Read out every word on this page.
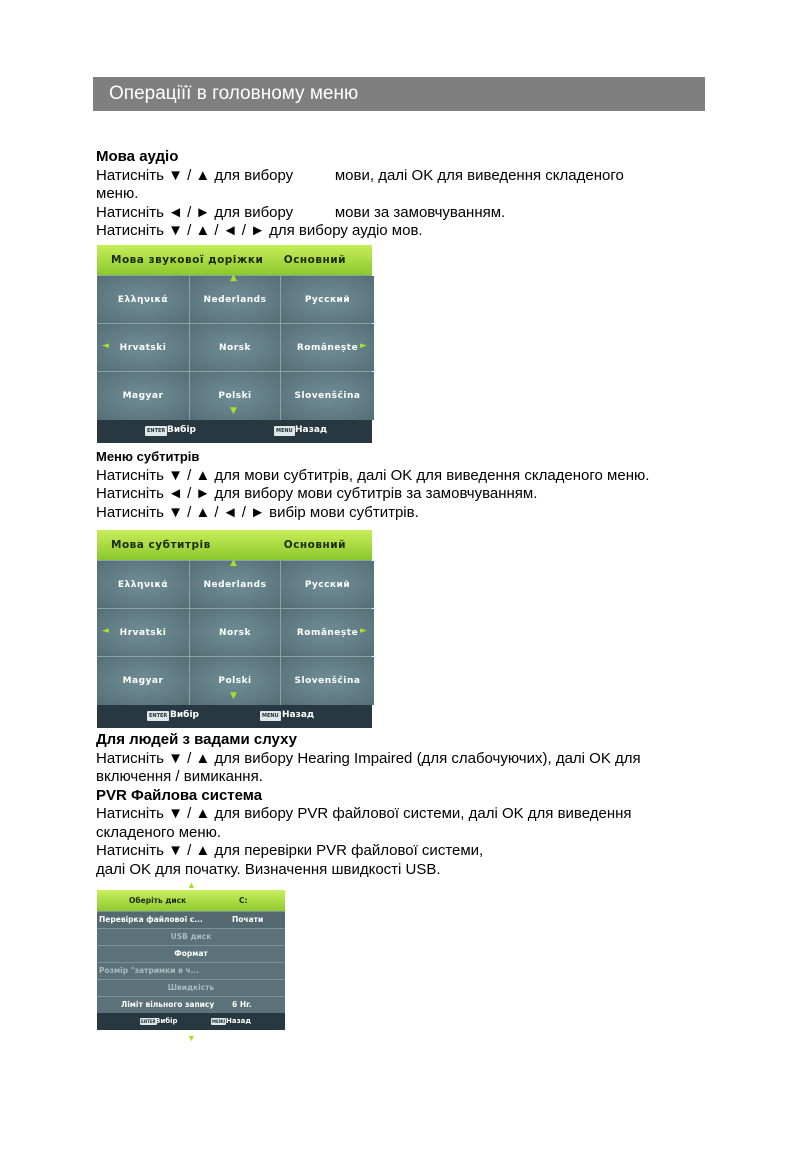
Операціїї в головному меню

Мова аудіо

Натисніть ▼ / ▲ для вибору          мови, далі OK для виведення складеного

меню.

Натисніть ◄ / ► для вибору          мови за замовчуванням.

Натисніть ▼ / ▲ / ◄ / ► для вибору аудіо мов.

Мова звукової доріжки Основний
Ελληνικά	Nederlands	Русский
Hrvatski	Norsk	Românește
Magyar	Polski	Slovenščina
▲
▼
◄	►
ENTER Вибір	MENU Назад

Меню субтитрів

Натисніть ▼ / ▲ для мови субтитрів, далі OK для виведення складеного меню.

Натисніть ◄ / ► для вибору мови субтитрів за замовчуванням.

Натисніть ▼ / ▲ / ◄ / ► вибір мови субтитрів.

Мова субтитрів	Основний
Ελληνικά	Nederlands	Русский
Hrvatski	Norsk	Românește
Magyar	Polski	Slovenščina
▲
▼
◄	►
ENTER Вибір	MENU Назад

Для людей з вадами слуху

Натисніть ▼ / ▲ для вибору Hearing Impaired (для слабочуючих), далі OK для

включення / вимикання.

PVR Файлова система

Натисніть ▼ / ▲ для вибору PVR файлової системи, далі OK для виведення

складеного меню.

Натисніть ▼ / ▲ для перевірки PVR файлової системи,

далі OK для початку. Визначення швидкості USB.

▲
Оберіть диск	C:
Перевірка файлової с...	Почати
USB диск
Формат
Розмір "затримки в ч...
Швидкість
Ліміт вільного запису 6 Hr.
ENTER Вибір	MENU Назад
▼
